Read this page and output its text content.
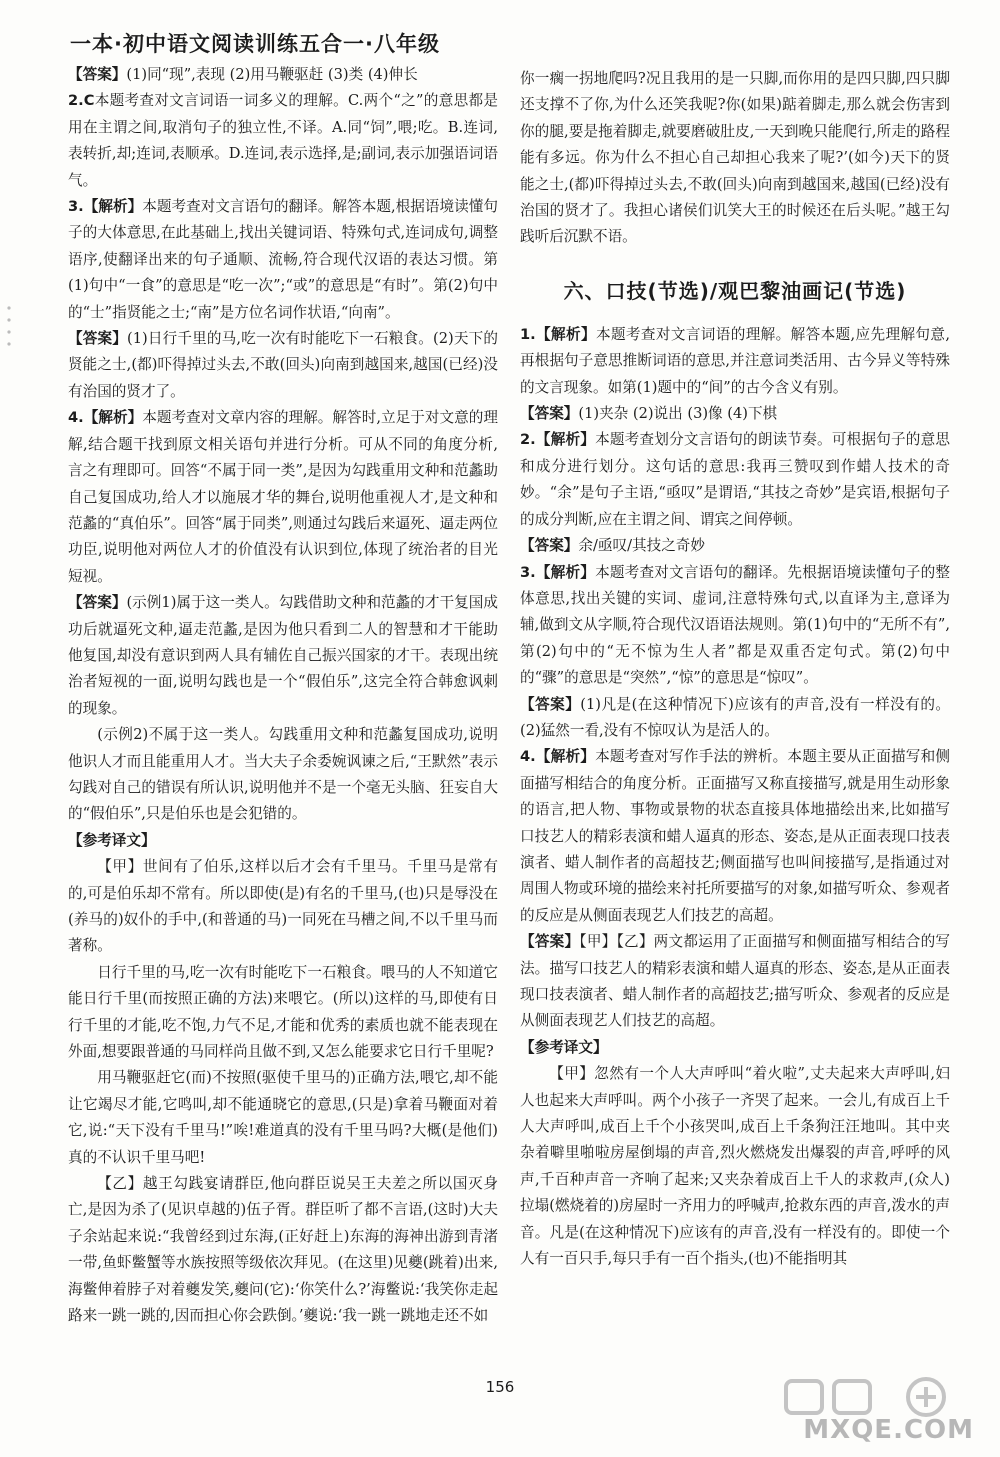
一本·初中语文阅读训练五合一·八年级

【答案】(1)同“现”,表现 (2)用马鞭驱赶 (3)类 (4)伸长

2.C本题考查对文言词语一词多义的理解。C.两个“之”的意思都是用在主谓之间,取消句子的独立性,不译。A.同“饲”,喂;吃。B.连词,表转折,却;连词,表顺承。D.连词,表示选择,是;副词,表示加强语词语气。

3.【解析】本题考查对文言语句的翻译。解答本题,根据语境读懂句子的大体意思,在此基础上,找出关键词语、特殊句式,连词成句,调整语序,使翻译出来的句子通顺、流畅,符合现代汉语的表达习惯。第(1)句中“一食”的意思是“吃一次”;“或”的意思是“有时”。第(2)句中的“士”指贤能之士;“南”是方位名词作状语,“向南”。

【答案】(1)日行千里的马,吃一次有时能吃下一石粮食。(2)天下的贤能之士,(都)吓得掉过头去,不敢(回头)向南到越国来,越国(已经)没有治国的贤才了。

4.【解析】本题考查对文章内容的理解。解答时,立足于对文意的理解,结合题干找到原文相关语句并进行分析。可从不同的角度分析,言之有理即可。回答“不属于同一类”,是因为勾践重用文种和范蠡助自己复国成功,给人才以施展才华的舞台,说明他重视人才,是文种和范蠡的“真伯乐”。回答“属于同类”,则通过勾践后来逼死、逼走两位功臣,说明他对两位人才的价值没有认识到位,体现了统治者的目光短视。

【答案】(示例1)属于这一类人。勾践借助文种和范蠡的才干复国成功后就逼死文种,逼走范蠡,是因为他只看到二人的智慧和才干能助他复国,却没有意识到两人具有辅佐自己振兴国家的才干。表现出统治者短视的一面,说明勾践也是一个“假伯乐”,这完全符合韩愈讽刺的现象。

(示例2)不属于这一类人。勾践重用文种和范蠡复国成功,说明他识人才而且能重用人才。当大夫子余委婉讽谏之后,“王默然”表示勾践对自己的错误有所认识,说明他并不是一个毫无头脑、狂妄自大的“假伯乐”,只是伯乐也是会犯错的。

【参考译文】

【甲】世间有了伯乐,这样以后才会有千里马。千里马是常有的,可是伯乐却不常有。所以即使(是)有名的千里马,(也)只是辱没在(养马的)奴仆的手中,(和普通的马)一同死在马槽之间,不以千里马而著称。

日行千里的马,吃一次有时能吃下一石粮食。喂马的人不知道它能日行千里(而按照正确的方法)来喂它。(所以)这样的马,即使有日行千里的才能,吃不饱,力气不足,才能和优秀的素质也就不能表现在外面,想要跟普通的马同样尚且做不到,又怎么能要求它日行千里呢?

用马鞭驱赶它(而)不按照(驱使千里马的)正确方法,喂它,却不能让它竭尽才能,它鸣叫,却不能通晓它的意思,(只是)拿着马鞭面对着它,说:“天下没有千里马!”唉!难道真的没有千里马吗?大概(是他们)真的不认识千里马吧!

【乙】越王勾践宴请群臣,他向群臣说吴王夫差之所以国灭身亡,是因为杀了(见识卓越的)伍子胥。群臣听了都不言语,(这时)大夫子余站起来说:“我曾经到过东海,(正好赶上)东海的海神出游到青渚一带,鱼虾鳖蟹等水族按照等级依次拜见。(在这里)见夔(跳着)出来,海鳖伸着脖子对着夔发笑,夔问(它):‘你笑什么?’海鳖说:‘我笑你走起路来一跳一跳的,因而担心你会跌倒。’夔说:‘我一跳一跳地走还不如

你一瘸一拐地爬吗?况且我用的是一只脚,而你用的是四只脚,四只脚还支撑不了你,为什么还笑我呢?你(如果)踮着脚走,那么就会伤害到你的腿,要是拖着脚走,就要磨破肚皮,一天到晚只能爬行,所走的路程能有多远。你为什么不担心自己却担心我来了呢?’(如今)天下的贤能之士,(都)吓得掉过头去,不敢(回头)向南到越国来,越国(已经)没有治国的贤才了。我担心诸侯们讥笑大王的时候还在后头呢。”越王勾践听后沉默不语。

六、口技(节选)/观巴黎油画记(节选)

1.【解析】本题考查对文言词语的理解。解答本题,应先理解句意,再根据句子意思推断词语的意思,并注意词类活用、古今异义等特殊的文言现象。如第(1)题中的“间”的古今含义有别。

【答案】(1)夹杂 (2)说出 (3)像 (4)下棋

2.【解析】本题考查划分文言语句的朗读节奏。可根据句子的意思和成分进行划分。这句话的意思:我再三赞叹到作蜡人技术的奇妙。“余”是句子主语,“亟叹”是谓语,“其技之奇妙”是宾语,根据句子的成分判断,应在主谓之间、谓宾之间停顿。

【答案】余/亟叹/其技之奇妙

3.【解析】本题考查对文言语句的翻译。先根据语境读懂句子的整体意思,找出关键的实词、虚词,注意特殊句式,以直译为主,意译为辅,做到文从字顺,符合现代汉语语法规则。第(1)句中的“无所不有”,第(2)句中的“无不惊为生人者”都是双重否定句式。第(2)句中的“骤”的意思是“突然”,“惊”的意思是“惊叹”。

【答案】(1)凡是(在这种情况下)应该有的声音,没有一样没有的。(2)猛然一看,没有不惊叹认为是活人的。

4.【解析】本题考查对写作手法的辨析。本题主要从正面描写和侧面描写相结合的角度分析。正面描写又称直接描写,就是用生动形象的语言,把人物、事物或景物的状态直接具体地描绘出来,比如描写口技艺人的精彩表演和蜡人逼真的形态、姿态,是从正面表现口技表演者、蜡人制作者的高超技艺;侧面描写也叫间接描写,是指通过对周围人物或环境的描绘来衬托所要描写的对象,如描写听众、参观者的反应是从侧面表现艺人们技艺的高超。

【答案】【甲】【乙】两文都运用了正面描写和侧面描写相结合的写法。描写口技艺人的精彩表演和蜡人逼真的形态、姿态,是从正面表现口技表演者、蜡人制作者的高超技艺;描写听众、参观者的反应是从侧面表现艺人们技艺的高超。

【参考译文】

【甲】忽然有一个人大声呼叫“着火啦”,丈夫起来大声呼叫,妇人也起来大声呼叫。两个小孩子一齐哭了起来。一会儿,有成百上千人大声呼叫,成百上千个小孩哭叫,成百上千条狗汪汪地叫。其中夹杂着噼里啪啦房屋倒塌的声音,烈火燃烧发出爆裂的声音,呼呼的风声,千百种声音一齐响了起来;又夹杂着成百上千人的求救声,(众人)拉塌(燃烧着的)房屋时一齐用力的呼喊声,抢救东西的声音,泼水的声音。凡是(在这种情况下)应该有的声音,没有一样没有的。即使一个人有一百只手,每只手有一百个指头,(也)不能指明其

156
MXQE.COM
